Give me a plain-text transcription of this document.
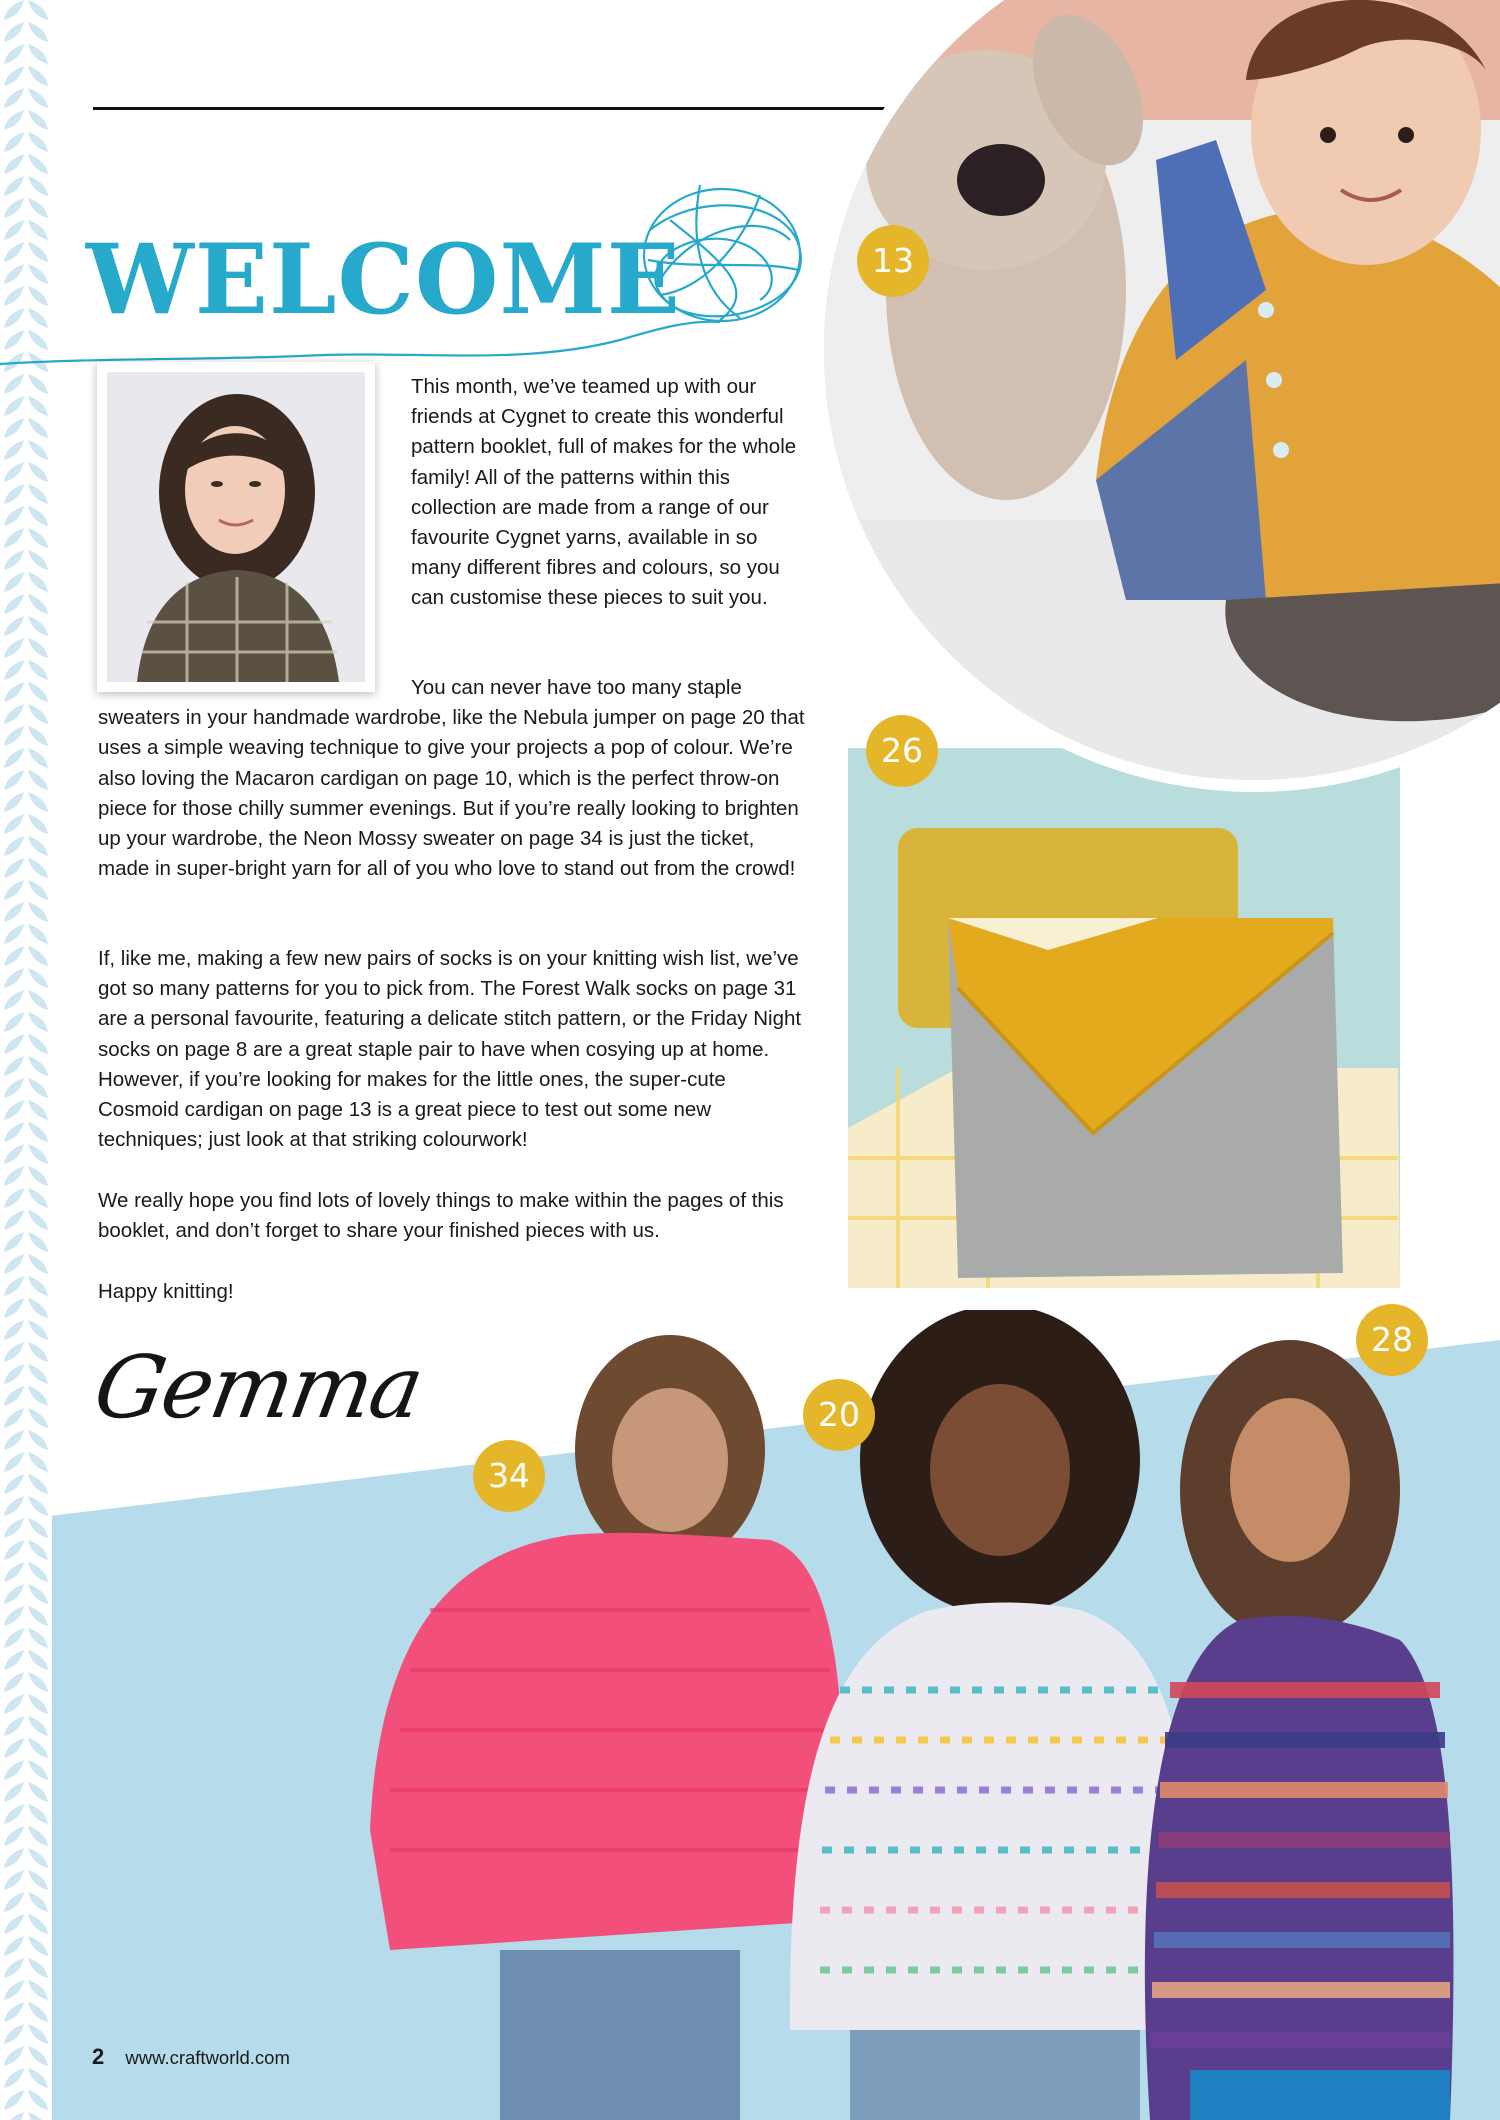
WELCOME

This month, we’ve teamed up with our friends at Cygnet to create this wonderful pattern booklet, full of makes for the whole family! All of the patterns within this collection are made from a range of our favourite Cygnet yarns, available in so many different fibres and colours, so you can customise these pieces to suit you.

You can never have too many staple sweaters in your handmade wardrobe, like the Nebula jumper on page 20 that uses a simple weaving technique to give your projects a pop of colour. We’re also loving the Macaron cardigan on page 10, which is the perfect throw-on piece for those chilly summer evenings. But if you’re really looking to brighten up your wardrobe, the Neon Mossy sweater on page 34 is just the ticket, made in super-bright yarn for all of you who love to stand out from the crowd!

If, like me, making a few new pairs of socks is on your knitting wish list, we’ve got so many patterns for you to pick from. The Forest Walk socks on page 31 are a personal favourite, featuring a delicate stitch pattern, or the Friday Night socks on page 8 are a great staple pair to have when cosying up at home. However, if you’re looking for makes for the little ones, the super-cute Cosmoid cardigan on page 13 is a great piece to test out some new techniques; just look at that striking colourwork!

We really hope you find lots of lovely things to make within the pages of this booklet, and don’t forget to share your finished pieces with us.

Happy knitting!

Gemma
13
26
34
20
28
2 www.craftworld.com
